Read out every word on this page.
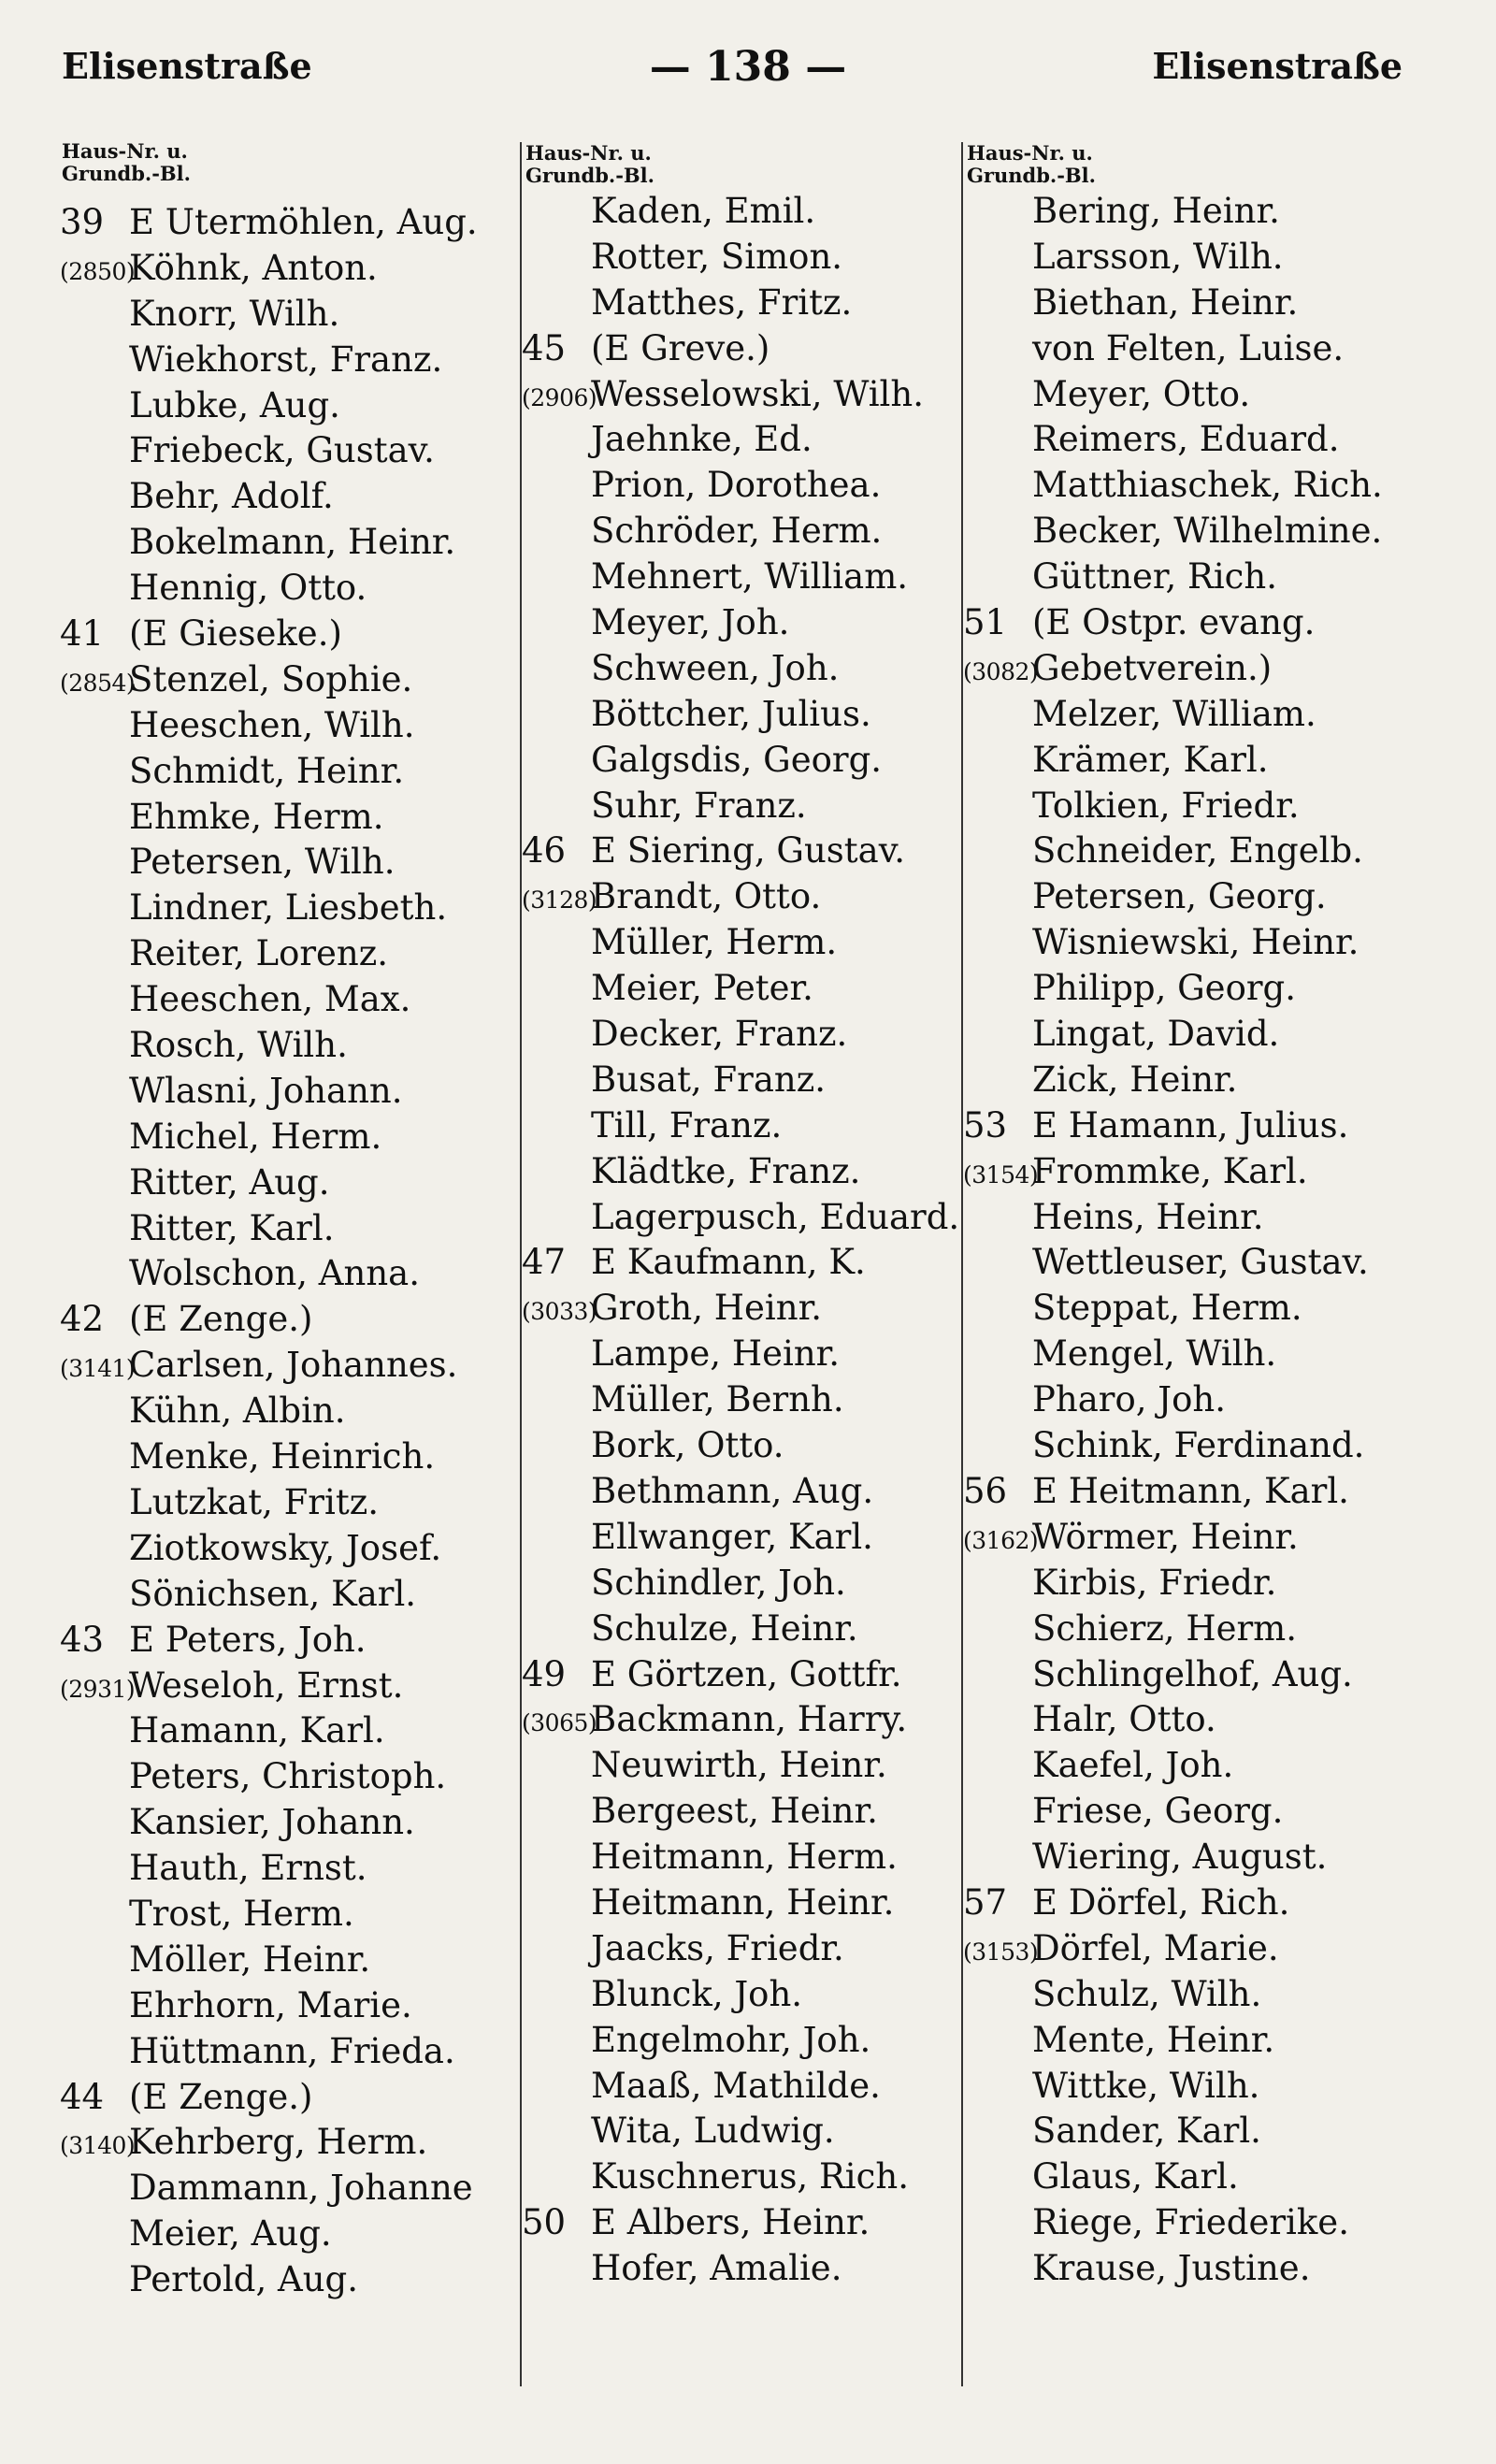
Elisenstraße	— 138 —	Elisenstraße
Haus-Nr. u.
Grundb.-Bl.
39 E Utermöhlen, Aug.
(2850)Köhnk, Anton.
Knorr, Wilh.
Wiekhorst, Franz.
Lubke, Aug.
Friebeck, Gustav.
Behr, Adolf.
Bokelmann, Heinr.
Hennig, Otto.
41 (E Gieseke.)
(2854)Stenzel, Sophie.
Heeschen, Wilh.
Schmidt, Heinr.
Ehmke, Herm.
Petersen, Wilh.
Lindner, Liesbeth.
Reiter, Lorenz.
Heeschen, Max.
Rosch, Wilh.
Wlasni, Johann.
Michel, Herm.
Ritter, Aug.
Ritter, Karl.
Wolschon, Anna.
42 (E Zenge.)
(3141)Carlsen, Johannes.
Kühn, Albin.
Menke, Heinrich.
Lutzkat, Fritz.
Ziotkowsky, Josef.
Sönichsen, Karl.
43 E Peters, Joh.
(2931)Weseloh, Ernst.
Hamann, Karl.
Peters, Christoph.
Kansier, Johann.
Hauth, Ernst.
Trost, Herm.
Möller, Heinr.
Ehrhorn, Marie.
Hüttmann, Frieda.
44 (E Zenge.)
(3140)Kehrberg, Herm.
Dammann, Johanne
Meier, Aug.
Pertold, Aug.
Haus-Nr. u.
Grundb.-Bl.
Kaden, Emil.
Rotter, Simon.
Matthes, Fritz.
45 (E Greve.)
(2906)Wesselowski, Wilh.
Jaehnke, Ed.
Prion, Dorothea.
Schröder, Herm.
Mehnert, William.
Meyer, Joh.
Schween, Joh.
Böttcher, Julius.
Galgsdis, Georg.
Suhr, Franz.
46 E Siering, Gustav.
(3128)Brandt, Otto.
Müller, Herm.
Meier, Peter.
Decker, Franz.
Busat, Franz.
Till, Franz.
Klädtke, Franz.
Lagerpusch, Eduard.
47 E Kaufmann, K.
(3033)Groth, Heinr.
Lampe, Heinr.
Müller, Bernh.
Bork, Otto.
Bethmann, Aug.
Ellwanger, Karl.
Schindler, Joh.
Schulze, Heinr.
49 E Görtzen, Gottfr.
(3065)Backmann, Harry.
Neuwirth, Heinr.
Bergeest, Heinr.
Heitmann, Herm.
Heitmann, Heinr.
Jaacks, Friedr.
Blunck, Joh.
Engelmohr, Joh.
Maaß, Mathilde.
Wita, Ludwig.
Kuschnerus, Rich.
50 E Albers, Heinr.
Hofer, Amalie.
Haus-Nr. u.
Grundb.-Bl.
Bering, Heinr.
Larsson, Wilh.
Biethan, Heinr.
von Felten, Luise.
Meyer, Otto.
Reimers, Eduard.
Matthiaschek, Rich.
Becker, Wilhelmine.
Güttner, Rich.
51 (E Ostpr. evang.
(3082)Gebetverein.)
Melzer, William.
Krämer, Karl.
Tolkien, Friedr.
Schneider, Engelb.
Petersen, Georg.
Wisniewski, Heinr.
Philipp, Georg.
Lingat, David.
Zick, Heinr.
53 E Hamann, Julius.
(3154)Frommke, Karl.
Heins, Heinr.
Wettleuser, Gustav.
Steppat, Herm.
Mengel, Wilh.
Pharo, Joh.
Schink, Ferdinand.
56 E Heitmann, Karl.
(3162)Wörmer, Heinr.
Kirbis, Friedr.
Schierz, Herm.
Schlingelhof, Aug.
Halr, Otto.
Kaefel, Joh.
Friese, Georg.
Wiering, August.
57 E Dörfel, Rich.
(3153)Dörfel, Marie.
Schulz, Wilh.
Mente, Heinr.
Wittke, Wilh.
Sander, Karl.
Glaus, Karl.
Riege, Friederike.
Krause, Justine.
